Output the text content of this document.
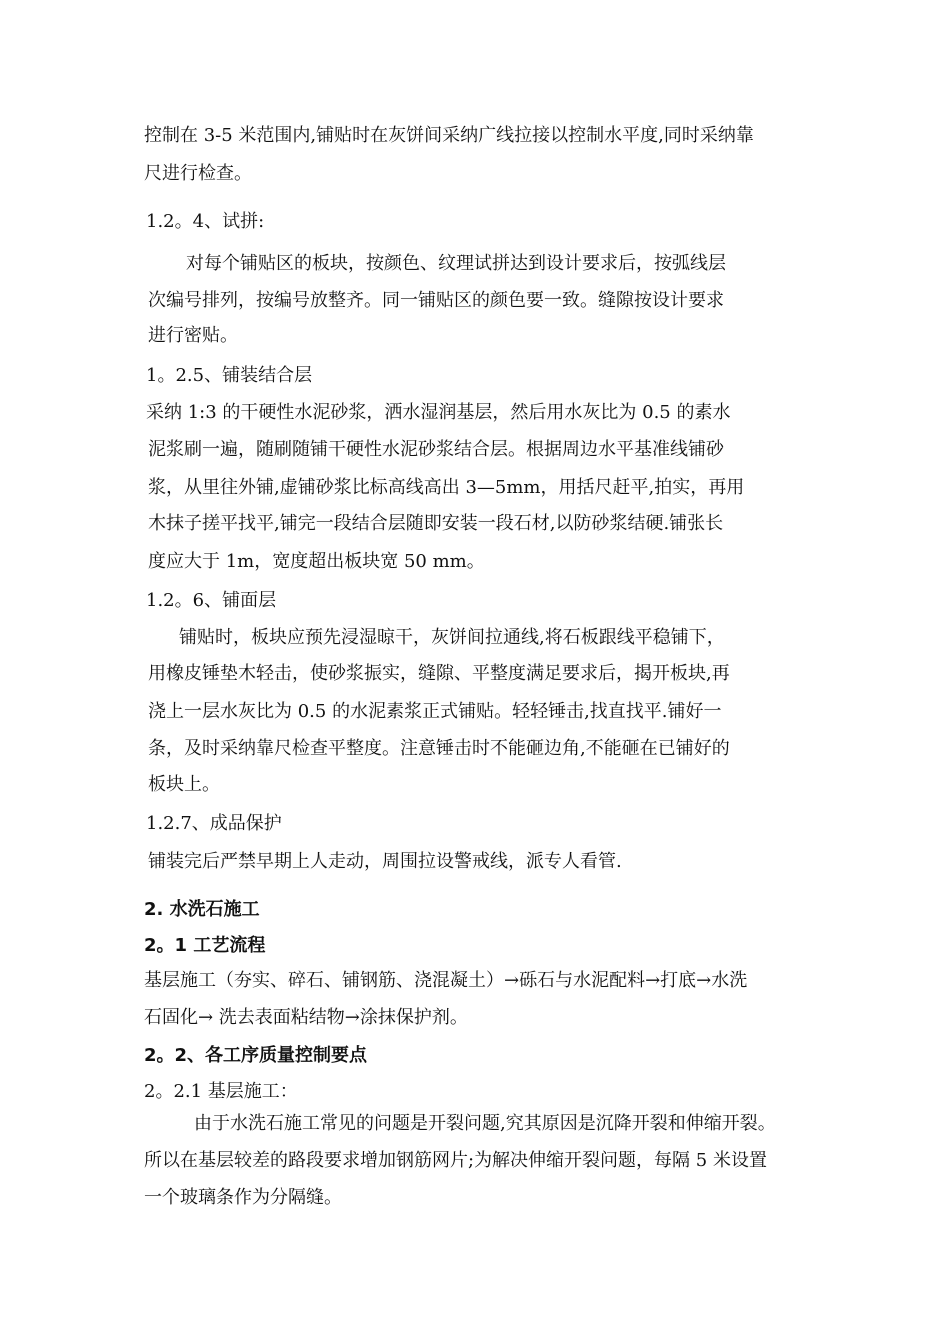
控制在 3-5 米范围内,铺贴时在灰饼间采纳广线拉接以控制水平度,同时采纳靠
尺进行检查。
1.2。4、试拼:
对每个铺贴区的板块，按颜色、纹理试拼达到设计要求后，按弧线层
次编号排列，按编号放整齐。同一铺贴区的颜色要一致。缝隙按设计要求
进行密贴。
1。2.5、铺装结合层
采纳 1:3 的干硬性水泥砂浆，洒水湿润基层，然后用水灰比为 0.5 的素水
泥浆刷一遍，随刷随铺干硬性水泥砂浆结合层。根据周边水平基准线铺砂
浆，从里往外铺,虚铺砂浆比标高线高出 3—5mm，用括尺赶平,拍实，再用
木抹子搓平找平,铺完一段结合层随即安装一段石材,以防砂浆结硬.铺张长
度应大于 1m，宽度超出板块宽 50 mm。
1.2。6、铺面层
铺贴时，板块应预先浸湿晾干，灰饼间拉通线,将石板跟线平稳铺下，
用橡皮锤垫木轻击，使砂浆振实，缝隙、平整度满足要求后，揭开板块,再
浇上一层水灰比为 0.5 的水泥素浆正式铺贴。轻轻锤击,找直找平.铺好一
条，及时采纳靠尺检查平整度。注意锤击时不能砸边角,不能砸在已铺好的
板块上。
1.2.7、成品保护
铺装完后严禁早期上人走动，周围拉设警戒线，派专人看管.
2. 水洗石施工
2。1 工艺流程
基层施工（夯实、碎石、铺钢筋、浇混凝土）→砾石与水泥配料→打底→水洗
石固化→ 洗去表面粘结物→涂抹保护剂。
2。2、各工序质量控制要点
2。2.1 基层施工：
由于水洗石施工常见的问题是开裂问题,究其原因是沉降开裂和伸缩开裂。
所以在基层较差的路段要求增加钢筋网片;为解决伸缩开裂问题，每隔 5 米设置
一个玻璃条作为分隔缝。
